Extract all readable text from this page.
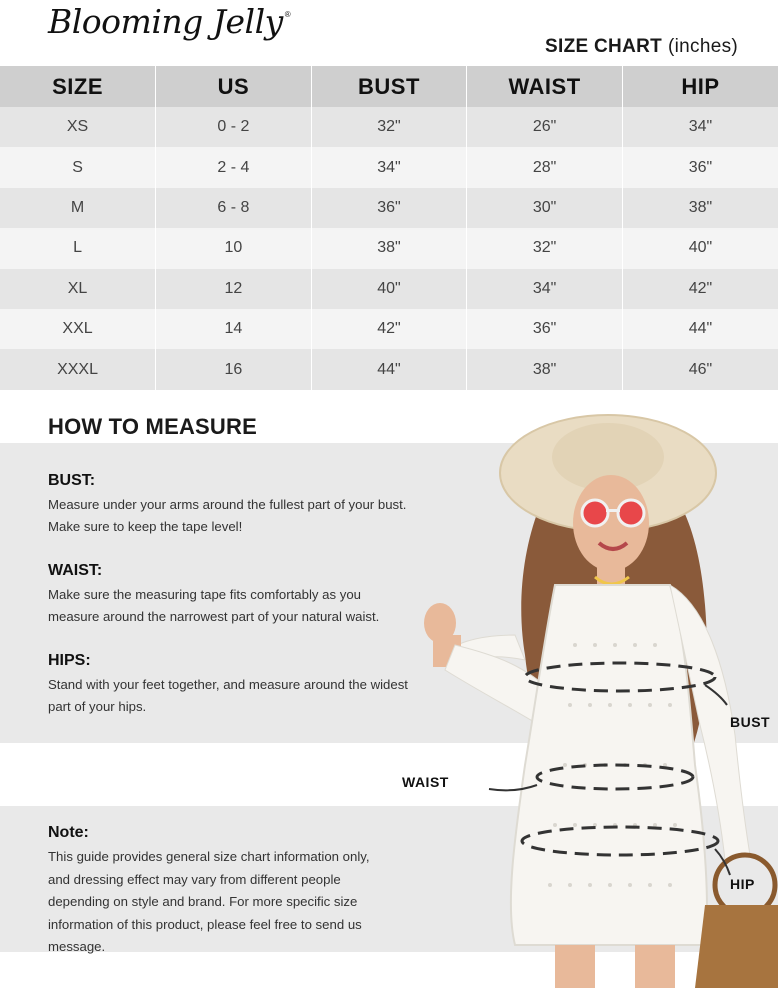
Blooming Jelly ®
SIZE CHART (inches)
SIZE	US	BUST	WAIST	HIP
XS	0 - 2	32"	26"	34"
S	2 - 4	34"	28"	36"
M	6 - 8	36"	30"	38"
L	10	38"	32"	40"
XL	12	40"	34"	42"
XXL	14	42"	36"	44"
XXXL	16	44"	38"	46"
HOW TO MEASURE
BUST:
Measure under your arms around the fullest part of your bust.
Make sure to keep the tape level!
WAIST:
Make sure the measuring tape fits comfortably as you
measure around the narrowest part of your natural waist.
HIPS:
Stand with your feet together, and measure around the widest
part of your hips.
Note:
This guide provides general size chart information only,
and dressing effect may vary from different people
depending on style and brand. For more specific size
information of this product, please feel free to send us
message.
BUST
WAIST
HIP
